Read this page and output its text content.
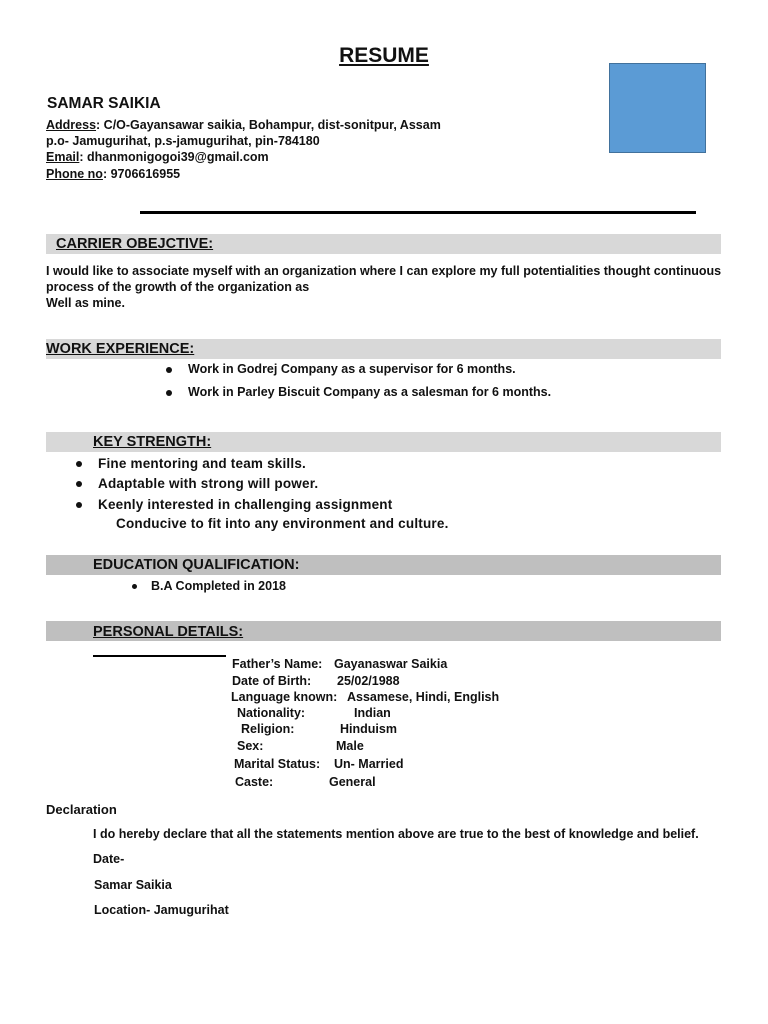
RESUME
SAMAR SAIKIA
Address: C/O-Gayansawar saikia, Bohampur, dist-sonitpur, Assam
p.o- Jamugurihat, p.s-jamugurihat, pin-784180
Email: dhanmonigogoi39@gmail.com
Phone no: 9706616955
CARRIER OBEJCTIVE:
I would like to associate myself with an organization where I can explore my full potentialities thought continuous
process of the growth of the organization as
Well as mine.
WORK EXPERIENCE:
Work in Godrej Company as a supervisor for 6 months.
Work in Parley Biscuit Company as a salesman for 6 months.
KEY STRENGTH:
Fine mentoring and team skills.
Adaptable with strong will power.
Keenly interested in challenging assignment
Conducive to fit into any environment and culture.
EDUCATION QUALIFICATION:
B.A Completed in 2018
PERSONAL DETAILS:
Father’s Name: Gayanaswar Saikia
Date of Birth: 25/02/1988
Language known: Assamese, Hindi, English
Nationality:	Indian
Religion:	Hinduism
Sex:	Male
Marital Status: Un- Married
Caste:	General
Declaration
I do hereby declare that all the statements mention above are true to the best of knowledge and belief.
Date-
Samar Saikia
Location- Jamugurihat
